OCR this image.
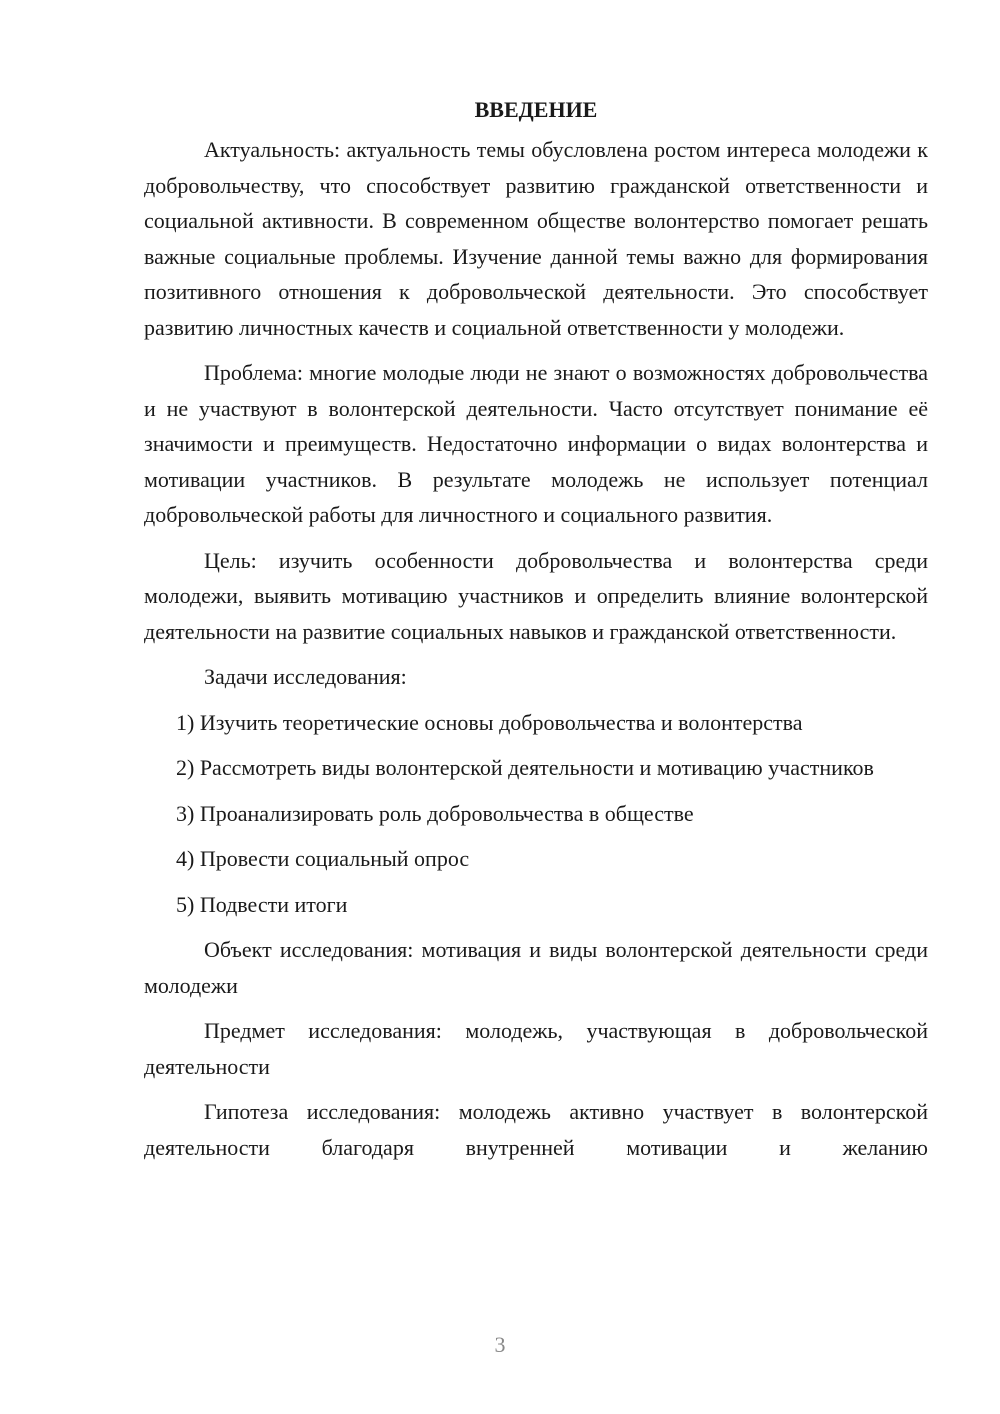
ВВЕДЕНИЕ

Актуальность: актуальность темы обусловлена ростом интереса молодежи к добровольчеству, что способствует развитию гражданской ответственности и социальной активности. В современном обществе волонтерство помогает решать важные социальные проблемы. Изучение данной темы важно для формирования позитивного отношения к добровольческой деятельности. Это способствует развитию личностных качеств и социальной ответственности у молодежи.

Проблема: многие молодые люди не знают о возможностях добровольчества и не участвуют в волонтерской деятельности. Часто отсутствует понимание её значимости и преимуществ. Недостаточно информации о видах волонтерства и мотивации участников. В результате молодежь не использует потенциал добровольческой работы для личностного и социального развития.

Цель: изучить особенности добровольчества и волонтерства среди молодежи, выявить мотивацию участников и определить влияние волонтерской деятельности на развитие социальных навыков и гражданской ответственности.

Задачи исследования:

1) Изучить теоретические основы добровольчества и волонтерства

2) Рассмотреть виды волонтерской деятельности и мотивацию участников

3) Проанализировать роль добровольчества в обществе

4) Провести социальный опрос

5) Подвести итоги

Объект исследования: мотивация и виды волонтерской деятельности среди молодежи

Предмет исследования: молодежь, участвующая в добровольческой деятельности

Гипотеза исследования: молодежь активно участвует в волонтерской деятельности благодаря внутренней мотивации и желанию

3
